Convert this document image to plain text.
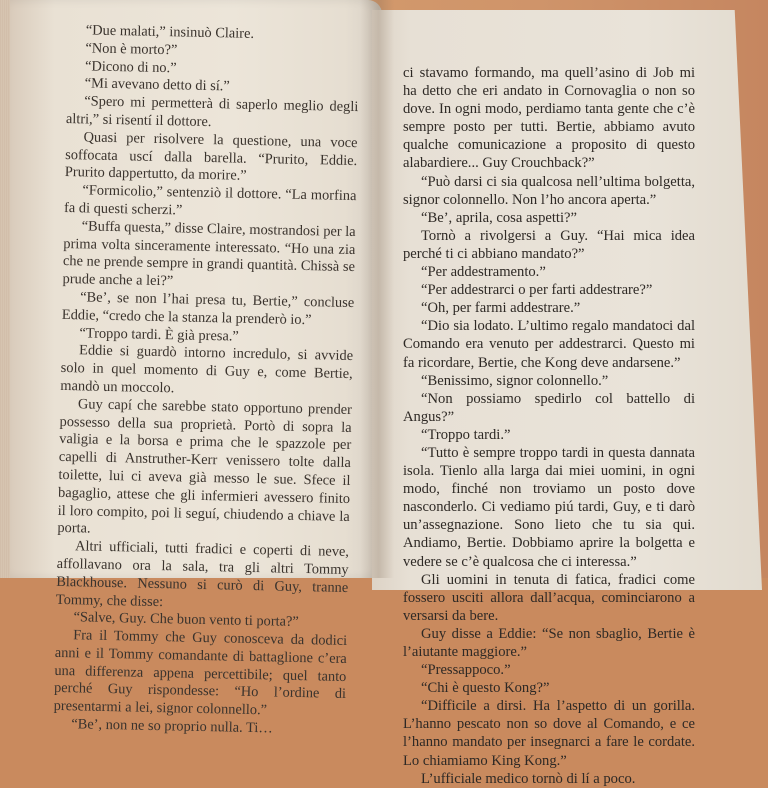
“Due malati,” insinuò Claire.

“Non è morto?”

“Dicono di no.”

“Mi avevano detto di sí.”

“Spero mi permetterà di saperlo meglio degli altri,” si risentí il dottore.

Quasi per risolvere la questione, una voce soffocata uscí dalla barella. “Prurito, Eddie. Prurito dappertutto, da morire.”

“Formicolio,” sentenziò il dottore. “La morfina fa di questi scherzi.”

“Buffa questa,” disse Claire, mostrandosi per la prima volta sinceramente interessato. “Ho una zia che ne prende sempre in grandi quantità. Chissà se prude anche a lei?”

“Be’, se non l’hai presa tu, Bertie,” concluse Eddie, “credo che la stanza la prenderò io.”

“Troppo tardi. È già presa.”

Eddie si guardò intorno incredulo, si avvide solo in quel momento di Guy e, come Bertie, mandò un moccolo.

Guy capí che sarebbe stato opportuno prender possesso della sua proprietà. Portò di sopra la valigia e la borsa e prima che le spazzole per capelli di Anstruther-Kerr venissero tolte dalla toilette, lui ci aveva già messo le sue. Sfece il bagaglio, attese che gli infermieri avessero finito il loro compito, poi li seguí, chiudendo a chiave la porta.

Altri ufficiali, tutti fradici e coperti di neve, affollavano ora la sala, tra gli altri Tommy Blackhouse. Nessuno si curò di Guy, tranne Tommy, che disse:

“Salve, Guy. Che buon vento ti porta?”

Fra il Tommy che Guy conosceva da dodici anni e il Tommy comandante di battaglione c’era una differenza appena percettibile; quel tanto perché Guy rispondesse: “Ho l’ordine di presentarmi a lei, signor colonnello.”

“Be’, non ne so proprio nulla. Ti…

ci stavamo formando, ma quell’asino di Job mi ha detto che eri andato in Cornovaglia o non so dove. In ogni modo, perdiamo tanta gente che c’è sempre posto per tutti. Bertie, abbiamo avuto qualche comunicazione a proposito di questo alabardiere... Guy Crouchback?”

“Può darsi ci sia qualcosa nell’ultima bolgetta, signor colonnello. Non l’ho ancora aperta.”

“Be’, aprila, cosa aspetti?”

Tornò a rivolgersi a Guy. “Hai mica idea perché ti ci abbiano mandato?”

“Per addestramento.”

“Per addestrarci o per farti addestrare?”

“Oh, per farmi addestrare.”

“Dio sia lodato. L’ultimo regalo mandatoci dal Comando era venuto per addestrarci. Questo mi fa ricordare, Bertie, che Kong deve andarsene.”

“Benissimo, signor colonnello.”

“Non possiamo spedirlo col battello di Angus?”

“Troppo tardi.”

“Tutto è sempre troppo tardi in questa dannata isola. Tienlo alla larga dai miei uomini, in ogni modo, finché non troviamo un posto dove nasconderlo. Ci vediamo piú tardi, Guy, e ti darò un’assegnazione. Sono lieto che tu sia qui. Andiamo, Bertie. Dobbiamo aprire la bolgetta e vedere se c’è qualcosa che ci interessa.”

Gli uomini in tenuta di fatica, fradici come fossero usciti allora dall’acqua, cominciarono a versarsi da bere.

Guy disse a Eddie: “Se non sbaglio, Bertie è l’aiutante maggiore.”

“Pressappoco.”

“Chi è questo Kong?”

“Difficile a dirsi. Ha l’aspetto di un gorilla. L’hanno pescato non so dove al Comando, e ce l’hanno mandato per insegnarci a fare le cordate. Lo chiamiamo King Kong.”

L’ufficiale medico tornò di lí a poco.
